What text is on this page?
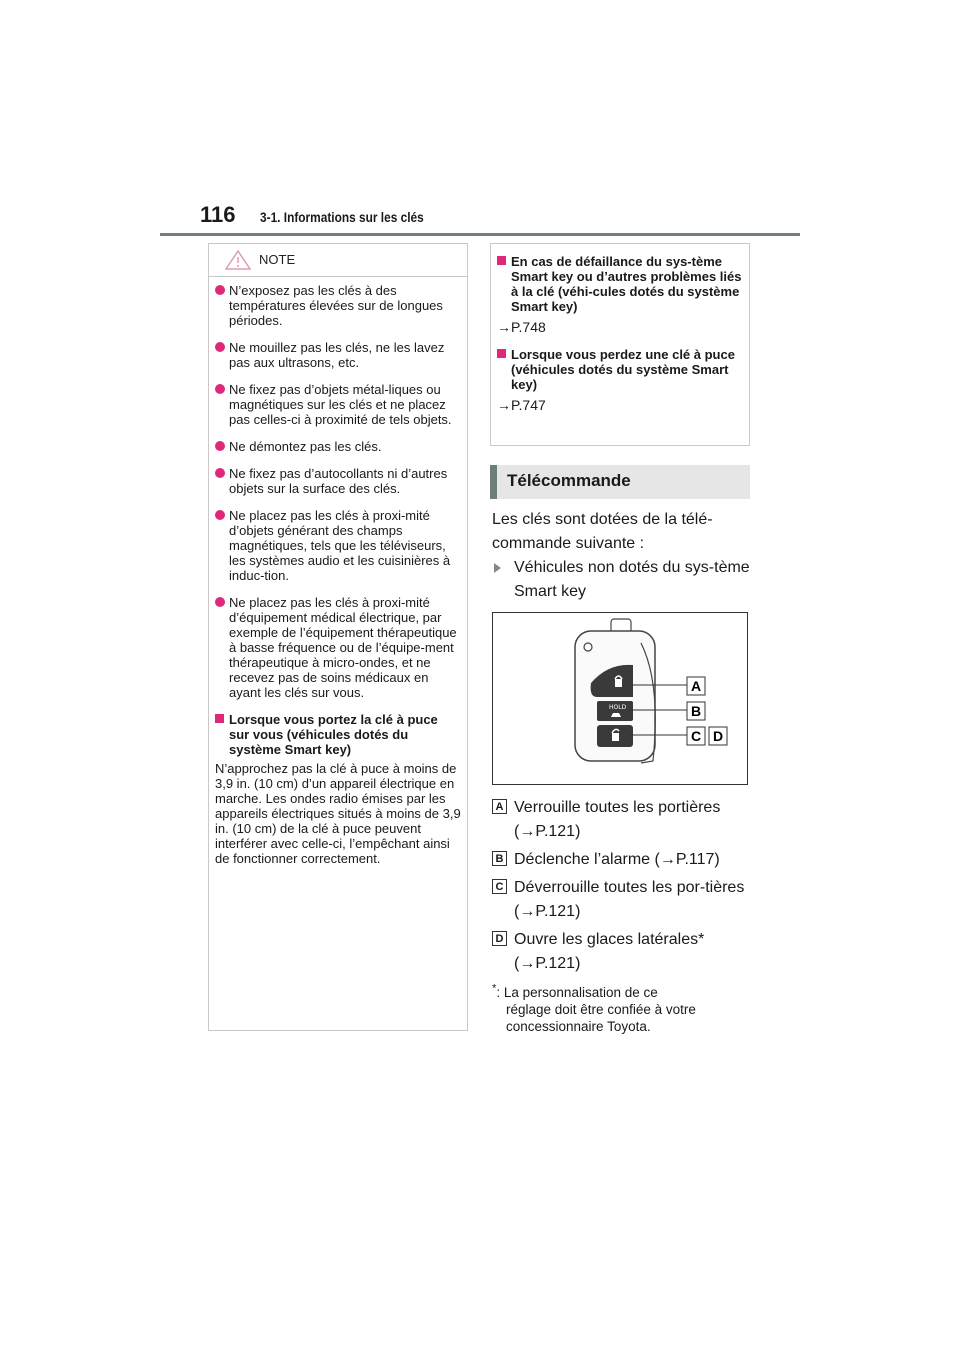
116 3-1. Informations sur les clés
NOTE

N’exposez pas les clés à des températures élevées sur de longues périodes.

Ne mouillez pas les clés, ne les lavez pas aux ultrasons, etc.

Ne fixez pas d’objets métal-liques ou magnétiques sur les clés et ne placez pas celles-ci à proximité de tels objets.

Ne démontez pas les clés.

Ne fixez pas d’autocollants ni d’autres objets sur la surface des clés.

Ne placez pas les clés à proxi-mité d’objets générant des champs magnétiques, tels que les téléviseurs, les systèmes audio et les cuisinières à induc-tion.

Ne placez pas les clés à proxi-mité d’équipement médical électrique, par exemple de l’équipement thérapeutique à basse fréquence ou de l’équipe-ment thérapeutique à micro-ondes, et ne recevez pas de soins médicaux en ayant les clés sur vous.

Lorsque vous portez la clé à puce sur vous (véhicules dotés du système Smart key)

N’approchez pas la clé à puce à moins de 3,9 in. (10 cm) d’un appareil électrique en marche. Les ondes radio émises par les appareils électriques situés à moins de 3,9 in. (10 cm) de la clé à puce peuvent interférer avec celle-ci, l’empêchant ainsi de fonctionner correctement.

En cas de défaillance du sys-tème Smart key ou d’autres problèmes liés à la clé (véhi-cules dotés du système Smart key)

→P.748

Lorsque vous perdez une clé à puce (véhicules dotés du système Smart key)

→P.747

Télécommande

Les clés sont dotées de la télé-commande suivante :

Véhicules non dotés du sys-tème Smart key

HOLD
A
B
C D
A Verrouille toutes les portières (→P.121)
B Déclenche l’alarme (→P.117)
C Déverrouille toutes les por-tières (→P.121)
D Ouvre les glaces latérales* (→P.121)
*: La personnalisation de ce
réglage doit être confiée à votre concessionnaire Toyota.
